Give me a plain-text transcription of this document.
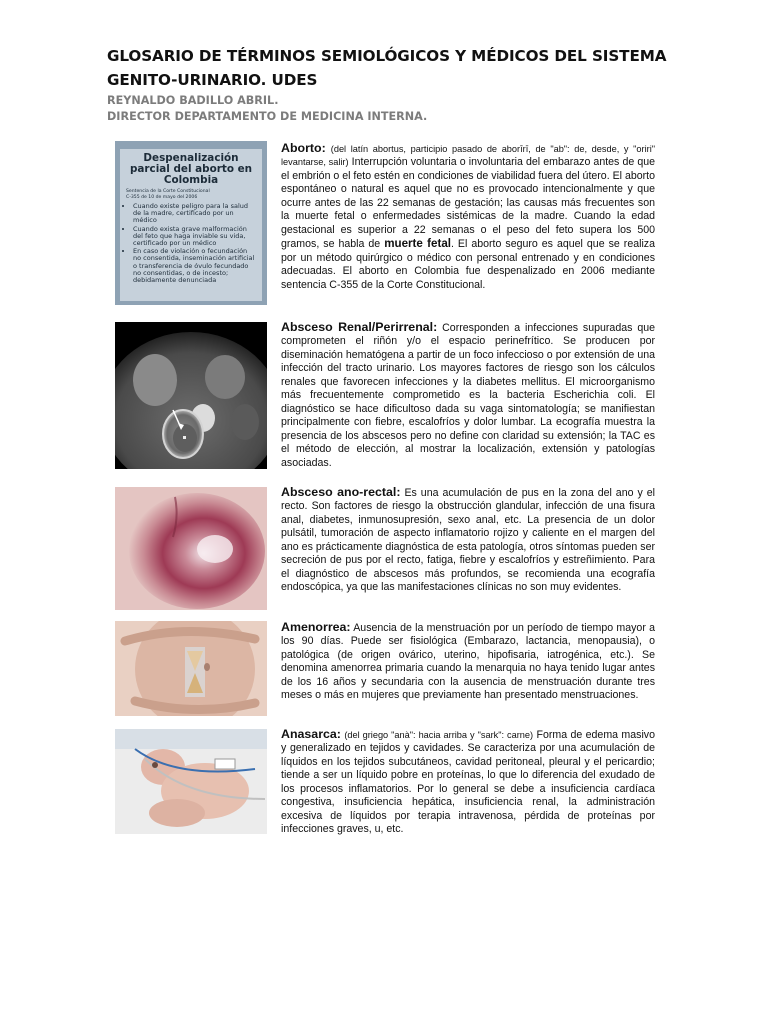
GLOSARIO DE TÉRMINOS SEMIOLÓGICOS Y MÉDICOS DEL SISTEMA GENITO-URINARIO. UDES
REYNALDO BADILLO ABRIL.
DIRECTOR DEPARTAMENTO DE MEDICINA INTERNA.
Despenalización parcial del aborto en Colombia
Sentencia de la Corte Constitucional
C-355 de 10 de mayo del 2006
• Cuando existe peligro para la salud de la madre, certificado por un médico
• Cuando exista grave malformación del feto que haga inviable su vida, certificado por un médico
• En caso de violación o fecundación no consentida, inseminación artificial o transferencia de óvulo fecundado no consentidas, o de incesto; debidamente denunciada

Aborto: (del latín abortus, participio pasado de aborīrī, de "ab": de, desde, y "oriri" levantarse, salir) Interrupción voluntaria o involuntaria del embarazo antes de que el embrión o el feto estén en condiciones de viabilidad fuera del útero. El aborto espontáneo o natural es aquel que no es provocado intencionalmente y que ocurre antes de las 22 semanas de gestación; las causas más frecuentes son la muerte fetal o enfermedades sistémicas de la madre. Cuando la edad gestacional es superior a 22 semanas o el peso del feto supera los 500 gramos, se habla de muerte fetal. El aborto seguro es aquel que se realiza por un método quirúrgico o médico con personal entrenado y en condiciones adecuadas. El aborto en Colombia fue despenalizado en 2006 mediante sentencia C-355 de la Corte Constitucional.

Absceso Renal/Perirrenal: Corresponden a infecciones supuradas que comprometen el riñón y/o el espacio perinefrítico. Se producen por diseminación hematógena a partir de un foco infeccioso o por extensión de una infección del tracto urinario. Los mayores factores de riesgo son los cálculos renales que favorecen infecciones y la diabetes mellitus. El microorganismo más frecuentemente comprometido es la bacteria Escherichia coli. El diagnóstico se hace dificultoso dada su vaga sintomatología; se manifiestan principalmente con fiebre, escalofríos y dolor lumbar. La ecografía muestra la presencia de los abscesos pero no define con claridad su extensión; la TAC es el método de elección, al mostrar la localización, extensión y patologías asociadas.

Absceso ano-rectal: Es una acumulación de pus en la zona del ano y el recto. Son factores de riesgo la obstrucción glandular, infección de una fisura anal, diabetes, inmunosupresión, sexo anal, etc. La presencia de un dolor pulsátil, tumoración de aspecto inflamatorio rojizo y caliente en el margen del ano es prácticamente diagnóstica de esta patología, otros síntomas pueden ser secreción de pus por el recto, fatiga, fiebre y escalofríos y estreñimiento. Para el diagnóstico de abscesos más profundos, se recomienda una ecografía endoscópica, ya que las manifestaciones clínicas no son muy evidentes.

Amenorrea: Ausencia de la menstruación por un período de tiempo mayor a los 90 días. Puede ser fisiológica (Embarazo, lactancia, menopausia), o patológica (de origen ovárico, uterino, hipofisaria, iatrogénica, etc.). Se denomina amenorrea primaria cuando la menarquia no haya tenido lugar antes de los 16 años y secundaria con la ausencia de menstruación durante tres meses o más en mujeres que previamente han presentado menstruaciones.

Anasarca: (del griego "anà": hacia arriba y "sark": carne) Forma de edema masivo y generalizado en tejidos y cavidades. Se caracteriza por una acumulación de líquidos en los tejidos subcutáneos, cavidad peritoneal, pleural y el pericardio; tiende a ser un líquido pobre en proteínas, lo que lo diferencia del exudado de los procesos inflamatorios. Por lo general se debe a insuficiencia cardíaca congestiva, insuficiencia hepática, insuficiencia renal, la administración excesiva de líquidos por terapia intravenosa, pérdida de proteínas por infecciones graves, u, etc.
